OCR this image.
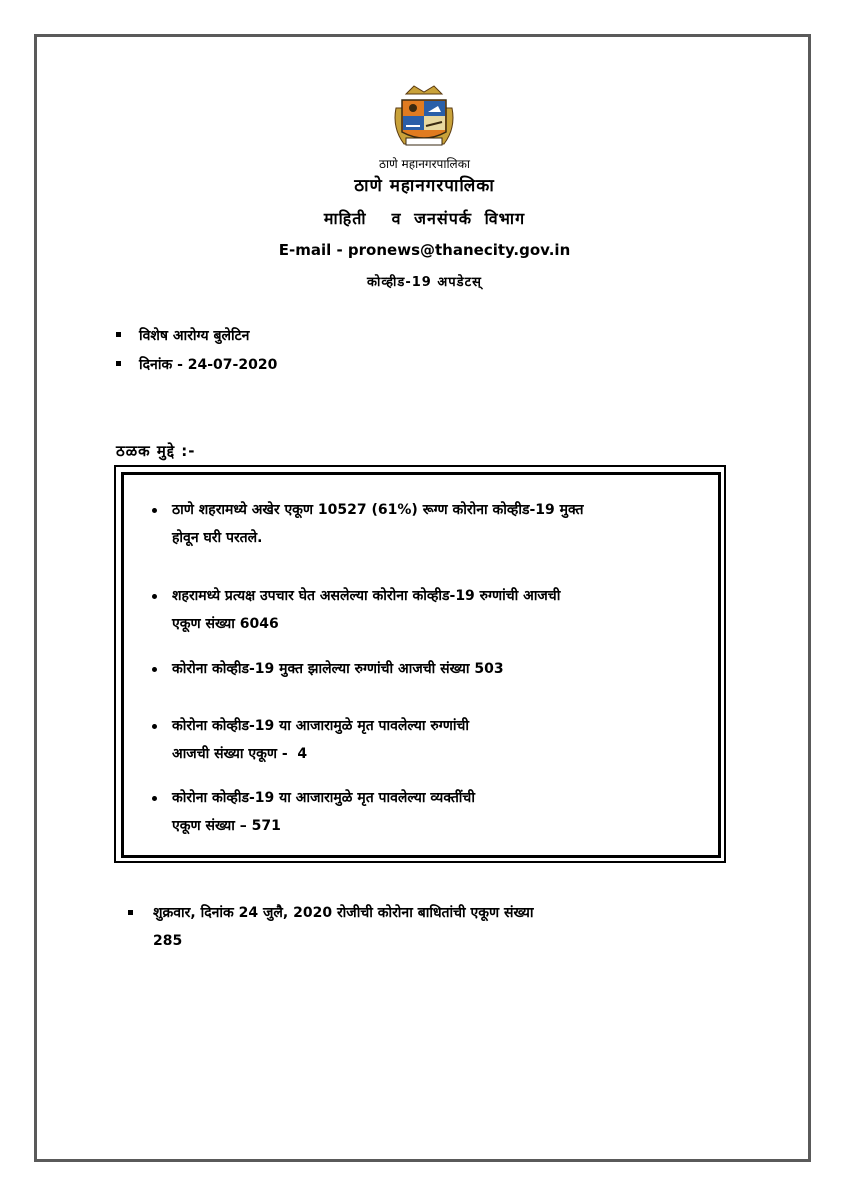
ठाणे महानगरपालिका
ठाणे महानगरपालिका
माहिती  व जनसंपर्क विभाग
E-mail - pronews@thanecity.gov.in
कोव्हीड-19 अपडेटस्
विशेष आरोग्य बुलेटिन
दिनांक - 24-07-2020
ठळक मुद्दे :-
ठाणे शहरामध्ये अखेर एकूण 10527 (61%) रूग्ण कोरोना कोव्हीड-19 मुक्त
होवून घरी परतले.
शहरामध्ये प्रत्यक्ष उपचार घेत असलेल्या कोरोना कोव्हीड-19 रुग्णांची आजची
एकूण संख्या 6046
कोरोना कोव्हीड-19 मुक्त झालेल्या रुग्णांची आजची संख्या 503
कोरोना कोव्हीड-19 या आजारामुळे मृत पावलेल्या रुग्णांची
आजची संख्या एकूण -  4
कोरोना कोव्हीड-19 या आजारामुळे मृत पावलेल्या व्यक्तींची
एकूण संख्या – 571
शुक्रवार, दिनांक 24 जुलै, 2020 रोजीची कोरोना बाधितांची एकूण संख्या
285
